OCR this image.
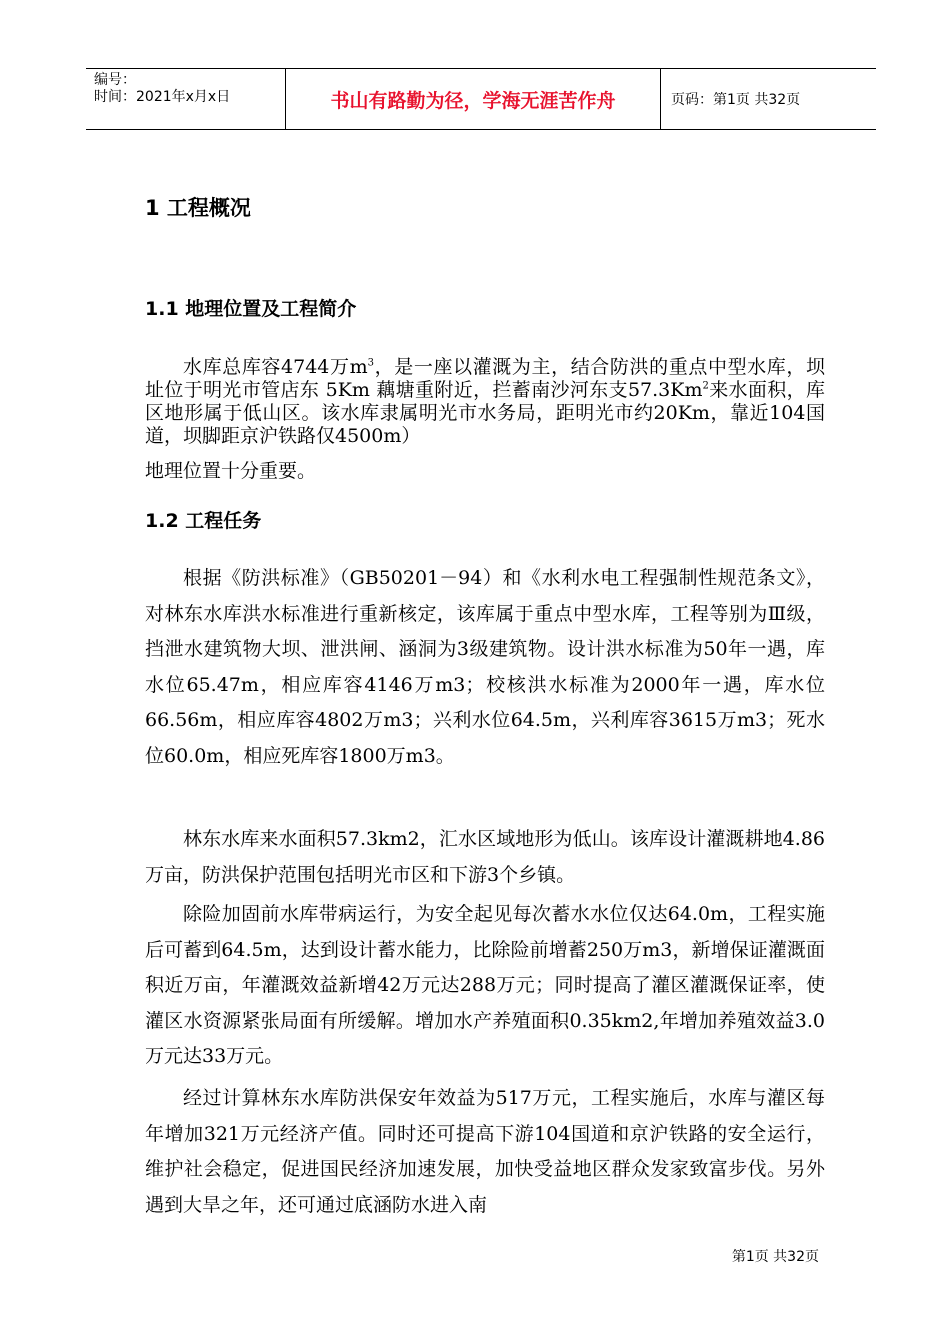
编号：
时间：2021年x月x日	书山有路勤为径，学海无涯苦作舟	页码：第1页 共32页
1 工程概况
1.1 地理位置及工程简介
水库总库容4744万$m^3$，是一座以灌溉为主，结合防洪的重点中型水库，坝址位于明光市管店东 5Km 藕塘重附近，拦蓄南沙河东支57.3Km$^2$来水面积，库区地形属于低山区。该水库隶属明光市水务局，距明光市约20Km，靠近104国道，坝脚距京沪铁路仅4500m）
地理位置十分重要。
1.2 工程任务
根据《防洪标准》（GB50201－94）和《水利水电工程强制性规范条文》，对林东水库洪水标准进行重新核定，该库属于重点中型水库，工程等别为Ⅲ级，挡泄水建筑物大坝、泄洪闸、涵洞为3级建筑物。设计洪水标准为50年一遇，库水位65.47m，相应库容4146万m3；校核洪水标准为2000年一遇，库水位66.56m，相应库容4802万m3；兴利水位64.5m，兴利库容3615万m3；死水位60.0m，相应死库容1800万m3。
林东水库来水面积57.3km2，汇水区域地形为低山。该库设计灌溉耕地4.86万亩，防洪保护范围包括明光市区和下游3个乡镇。
除险加固前水库带病运行，为安全起见每次蓄水水位仅达64.0m，工程实施后可蓄到64.5m，达到设计蓄水能力，比除险前增蓄250万m3，新增保证灌溉面积近万亩，年灌溉效益新增42万元达288万元；同时提高了灌区灌溉保证率，使灌区水资源紧张局面有所缓解。增加水产养殖面积0.35km2,年增加养殖效益3.0万元达33万元。
经过计算林东水库防洪保安年效益为517万元，工程实施后，水库与灌区每年增加321万元经济产值。同时还可提高下游104国道和京沪铁路的安全运行，维护社会稳定，促进国民经济加速发展，加快受益地区群众发家致富步伐。另外遇到大旱之年，还可通过底涵防水进入南
第1页 共32页
